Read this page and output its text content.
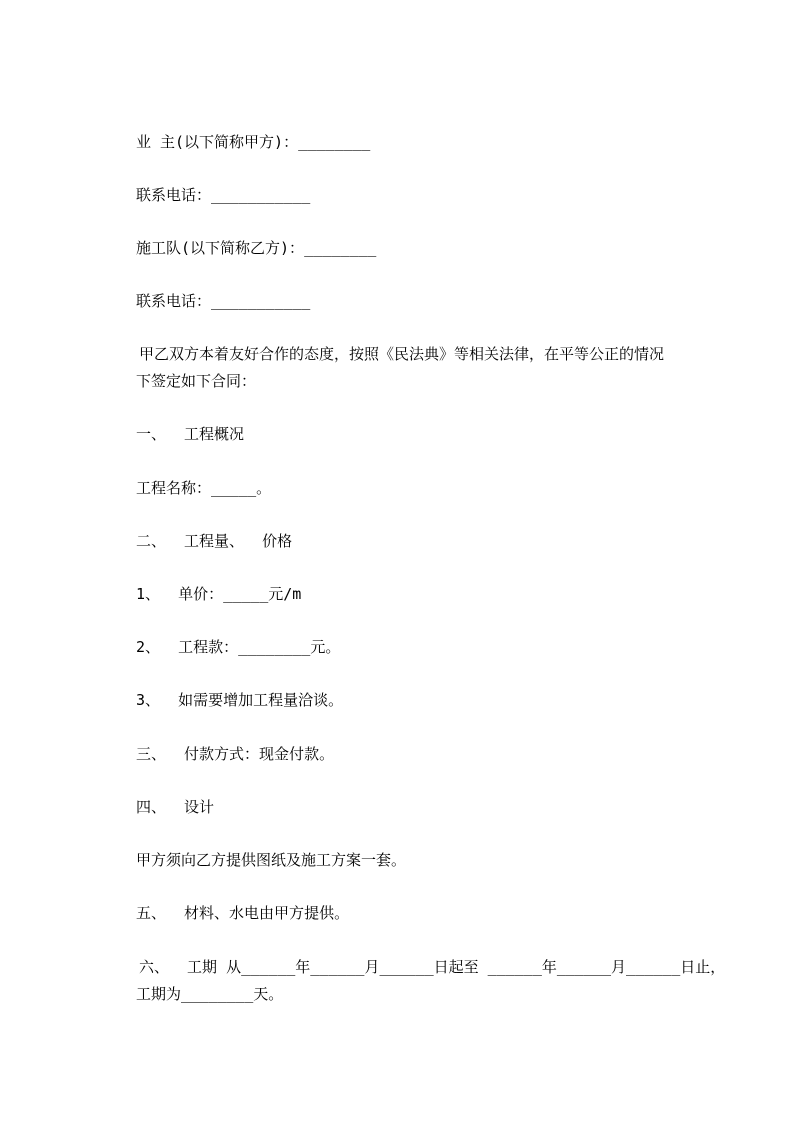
业 主(以下简称甲方)：________
联系电话：___________
施工队(以下简称乙方)：________
联系电话：___________
甲乙双方本着友好合作的态度，按照《民法典》等相关法律，在平等公正的情况
下签定如下合同：
一、  工程概况
工程名称：_____。
二、  工程量、  价格
1、  单价：_____元/m
2、  工程款：________元。
3、  如需要增加工程量洽谈。
三、  付款方式：现金付款。
四、  设计
甲方须向乙方提供图纸及施工方案一套。
五、  材料、水电由甲方提供。
六、  工期 从______年______月______日起至 ______年______月______日止，
工期为________天。
